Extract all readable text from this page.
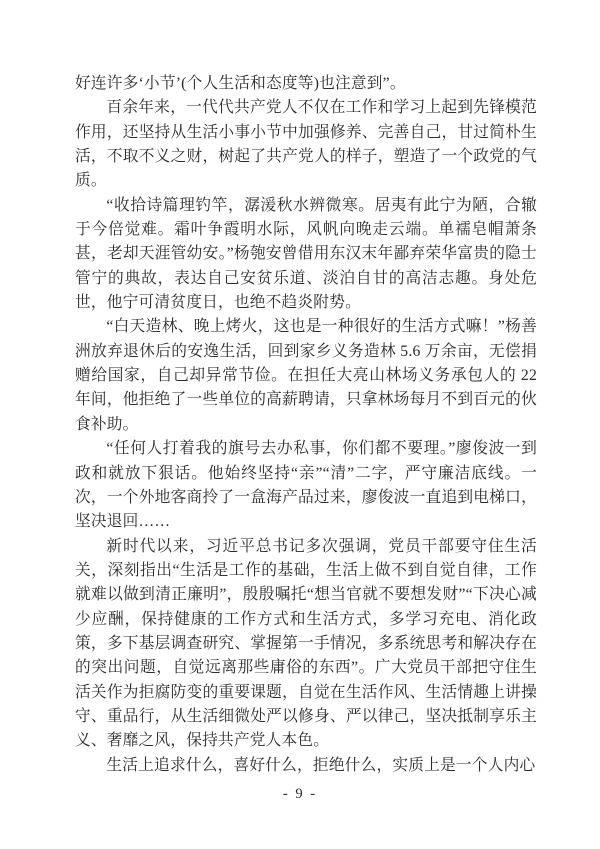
好连许多‘小节’(个人生活和态度等)也注意到”。

百余年来，一代代共产党人不仅在工作和学习上起到先锋模范作用，还坚持从生活小事小节中加强修养、完善自己，甘过简朴生活，不取不义之财，树起了共产党人的样子，塑造了一个政党的气质。

“收拾诗篇理钓竿，潺湲秋水辨微寒。居夷有此宁为陋，合辙于今倍觉难。霜叶争霞明水际，风帆向晚走云端。单襦皂帽萧条甚，老却天涯管幼安。”杨匏安曾借用东汉末年鄙弃荣华富贵的隐士管宁的典故，表达自己安贫乐道、淡泊自甘的高洁志趣。身处危世，他宁可清贫度日，也绝不趋炎附势。

“白天造林、晚上烤火，这也是一种很好的生活方式嘛！”杨善洲放弃退休后的安逸生活，回到家乡义务造林 5.6 万余亩，无偿捐赠给国家，自己却异常节俭。在担任大亮山林场义务承包人的 22 年间，他拒绝了一些单位的高薪聘请，只拿林场每月不到百元的伙食补助。

“任何人打着我的旗号去办私事，你们都不要理。”廖俊波一到政和就放下狠话。他始终坚持“亲”“清”二字，严守廉洁底线。一次，一个外地客商拎了一盒海产品过来，廖俊波一直追到电梯口，坚决退回……

新时代以来，习近平总书记多次强调，党员干部要守住生活关，深刻指出“生活是工作的基础，生活上做不到自觉自律，工作就难以做到清正廉明”，殷殷嘱托“想当官就不要想发财”“下决心减少应酬，保持健康的工作方式和生活方式，多学习充电、消化政策，多下基层调查研究、掌握第一手情况，多系统思考和解决存在的突出问题，自觉远离那些庸俗的东西”。广大党员干部把守住生活关作为拒腐防变的重要课题，自觉在生活作风、生活情趣上讲操守、重品行，从生活细微处严以修身、严以律己，坚决抵制享乐主义、奢靡之风，保持共产党人本色。

生活上追求什么，喜好什么，拒绝什么，实质上是一个人内心

- 9 -
